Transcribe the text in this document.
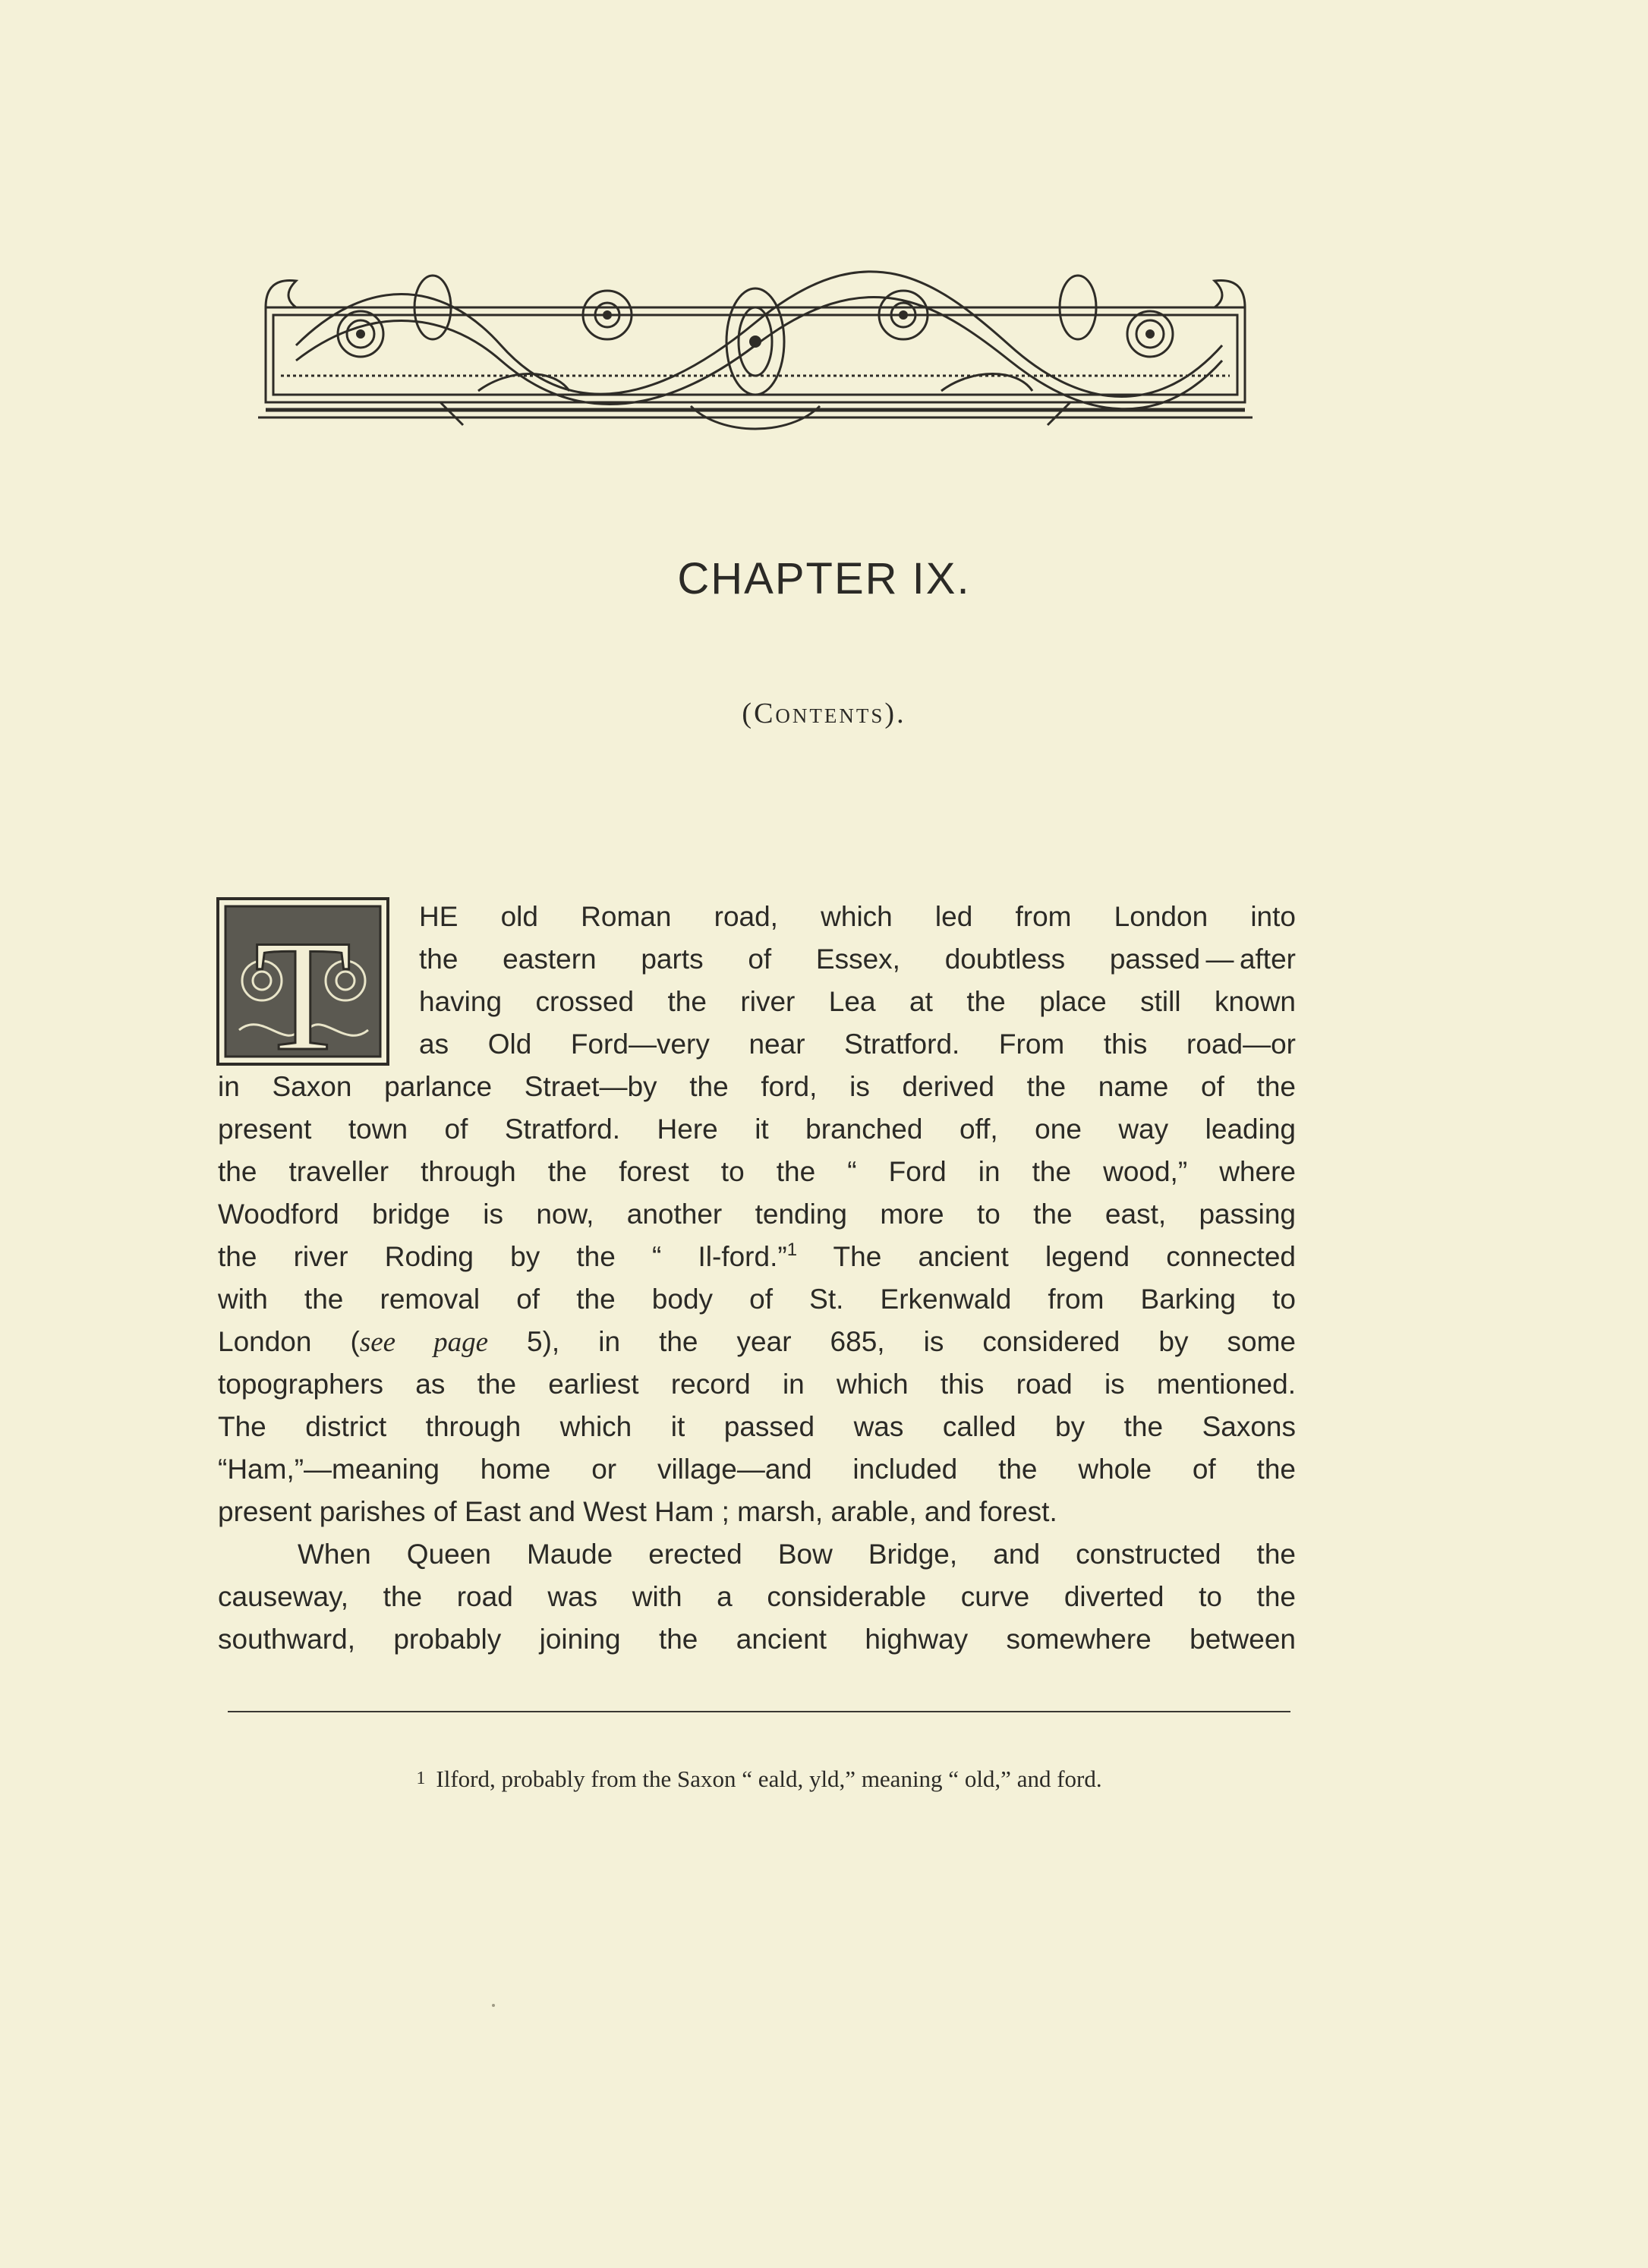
CHAPTER IX.
(Contents).
T HE old Roman road, which led from London into
the eastern parts of Essex, doubtless passed — after
having crossed the river Lea at the place still known
as Old Ford—very near Stratford. From this road—or
in Saxon parlance Straet—by the ford, is derived the name of the
present town of Stratford. Here it branched off, one way leading
the traveller through the forest to the “ Ford in the wood,” where
Woodford bridge is now, another tending more to the east, passing
the river Roding by the “ Il-ford.”$^1$ The ancient legend connected
with the removal of the body of St. Erkenwald from Barking to
London (see page 5), in the year 685, is considered by some
topographers as the earliest record in which this road is mentioned.
The district through which it passed was called by the Saxons
“Ham,”—meaning home or village—and included the whole of the
present parishes of East and West Ham ; marsh, arable, and forest.
When Queen Maude erected Bow Bridge, and constructed the
causeway, the road was with a considerable curve diverted to the
southward, probably joining the ancient highway somewhere between
1 Ilford, probably from the Saxon “ eald, yld,” meaning “ old,” and ford.
